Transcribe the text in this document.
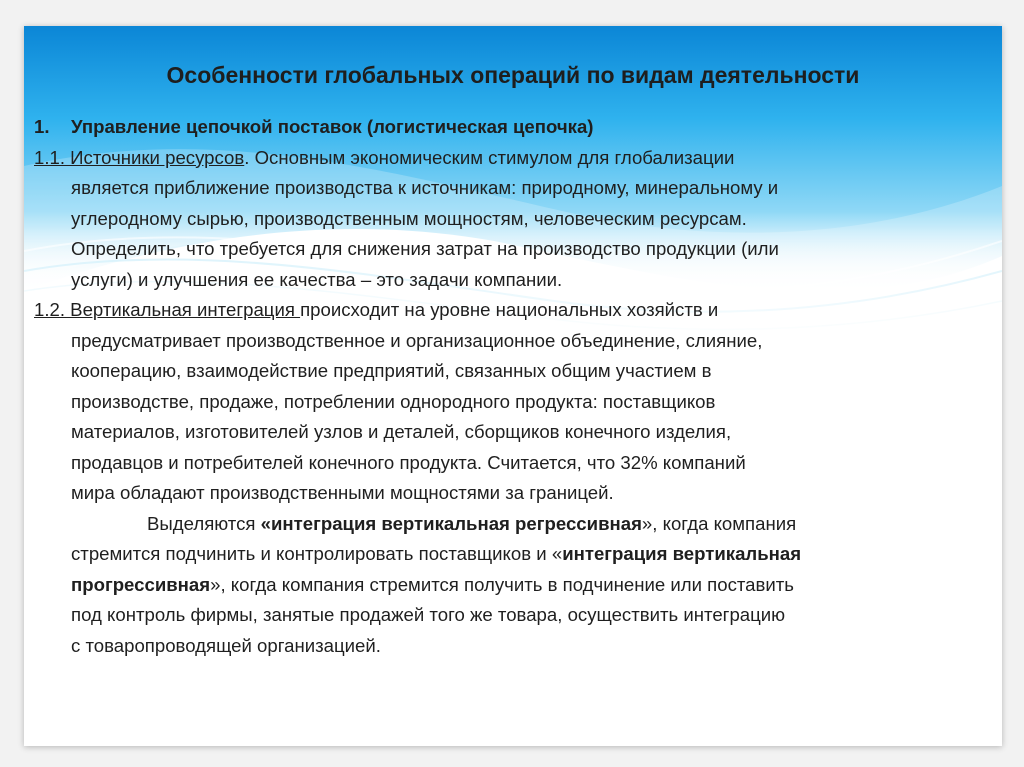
Особенности глобальных операций по видам деятельности
1. Управление цепочкой поставок (логистическая цепочка)
1.1. Источники ресурсов. Основным экономическим стимулом для глобализации
является приближение производства к источникам: природному, минеральному и
углеродному сырью, производственным мощностям, человеческим ресурсам.
Определить, что требуется для снижения затрат на производство продукции (или
услуги) и улучшения ее качества – это задачи компании.
1.2. Вертикальная интеграция происходит на уровне национальных хозяйств и
предусматривает производственное и организационное объединение, слияние,
кооперацию, взаимодействие предприятий, связанных общим участием в
производстве, продаже, потреблении однородного продукта: поставщиков
материалов, изготовителей узлов и деталей, сборщиков конечного изделия,
продавцов и потребителей конечного продукта. Считается, что 32% компаний
мира обладают производственными мощностями за границей.
Выделяются «интеграция вертикальная регрессивная», когда компания
стремится подчинить и контролировать поставщиков и «интеграция вертикальная
прогрессивная», когда компания стремится получить в подчинение или поставить
под контроль фирмы, занятые продажей того же товара, осуществить интеграцию
с товаропроводящей организацией.
